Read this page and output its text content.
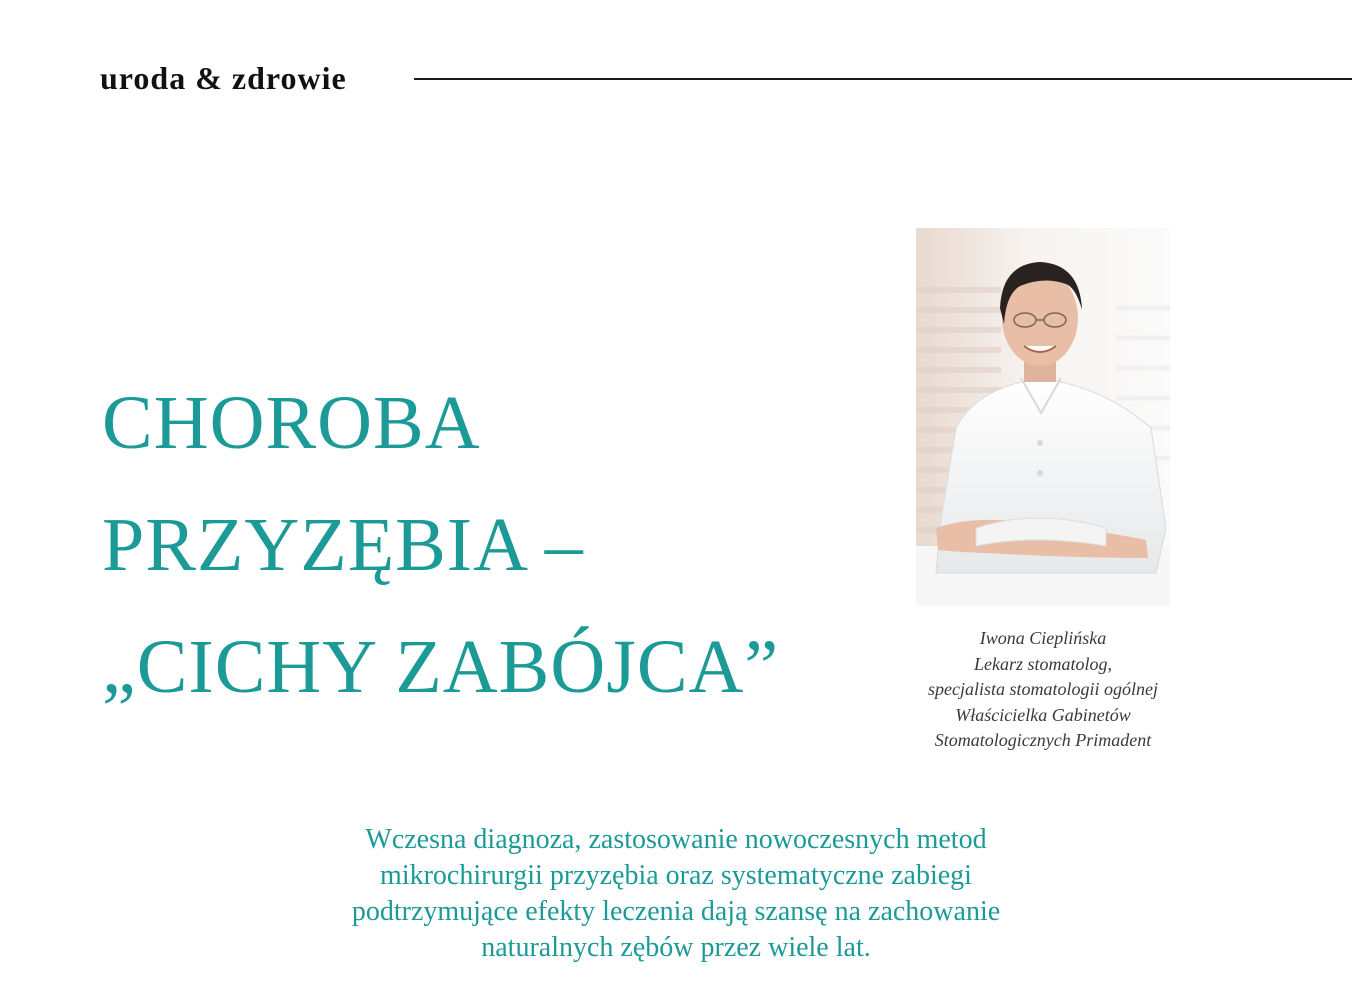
uroda & zdrowie
CHOROBA
PRZYZĘBIA –
„CICHY ZABÓJCA”	Iwona Cieplińska
Lekarz stomatolog,
specjalista stomatologii ogólnej
Właścicielka Gabinetów
Stomatologicznych Primadent
Wczesna diagnoza, zastosowanie nowoczesnych metod
mikrochirurgii przyzębia oraz systematyczne zabiegi
podtrzymujące efekty leczenia dają szansę na zachowanie
naturalnych zębów przez wiele lat.
